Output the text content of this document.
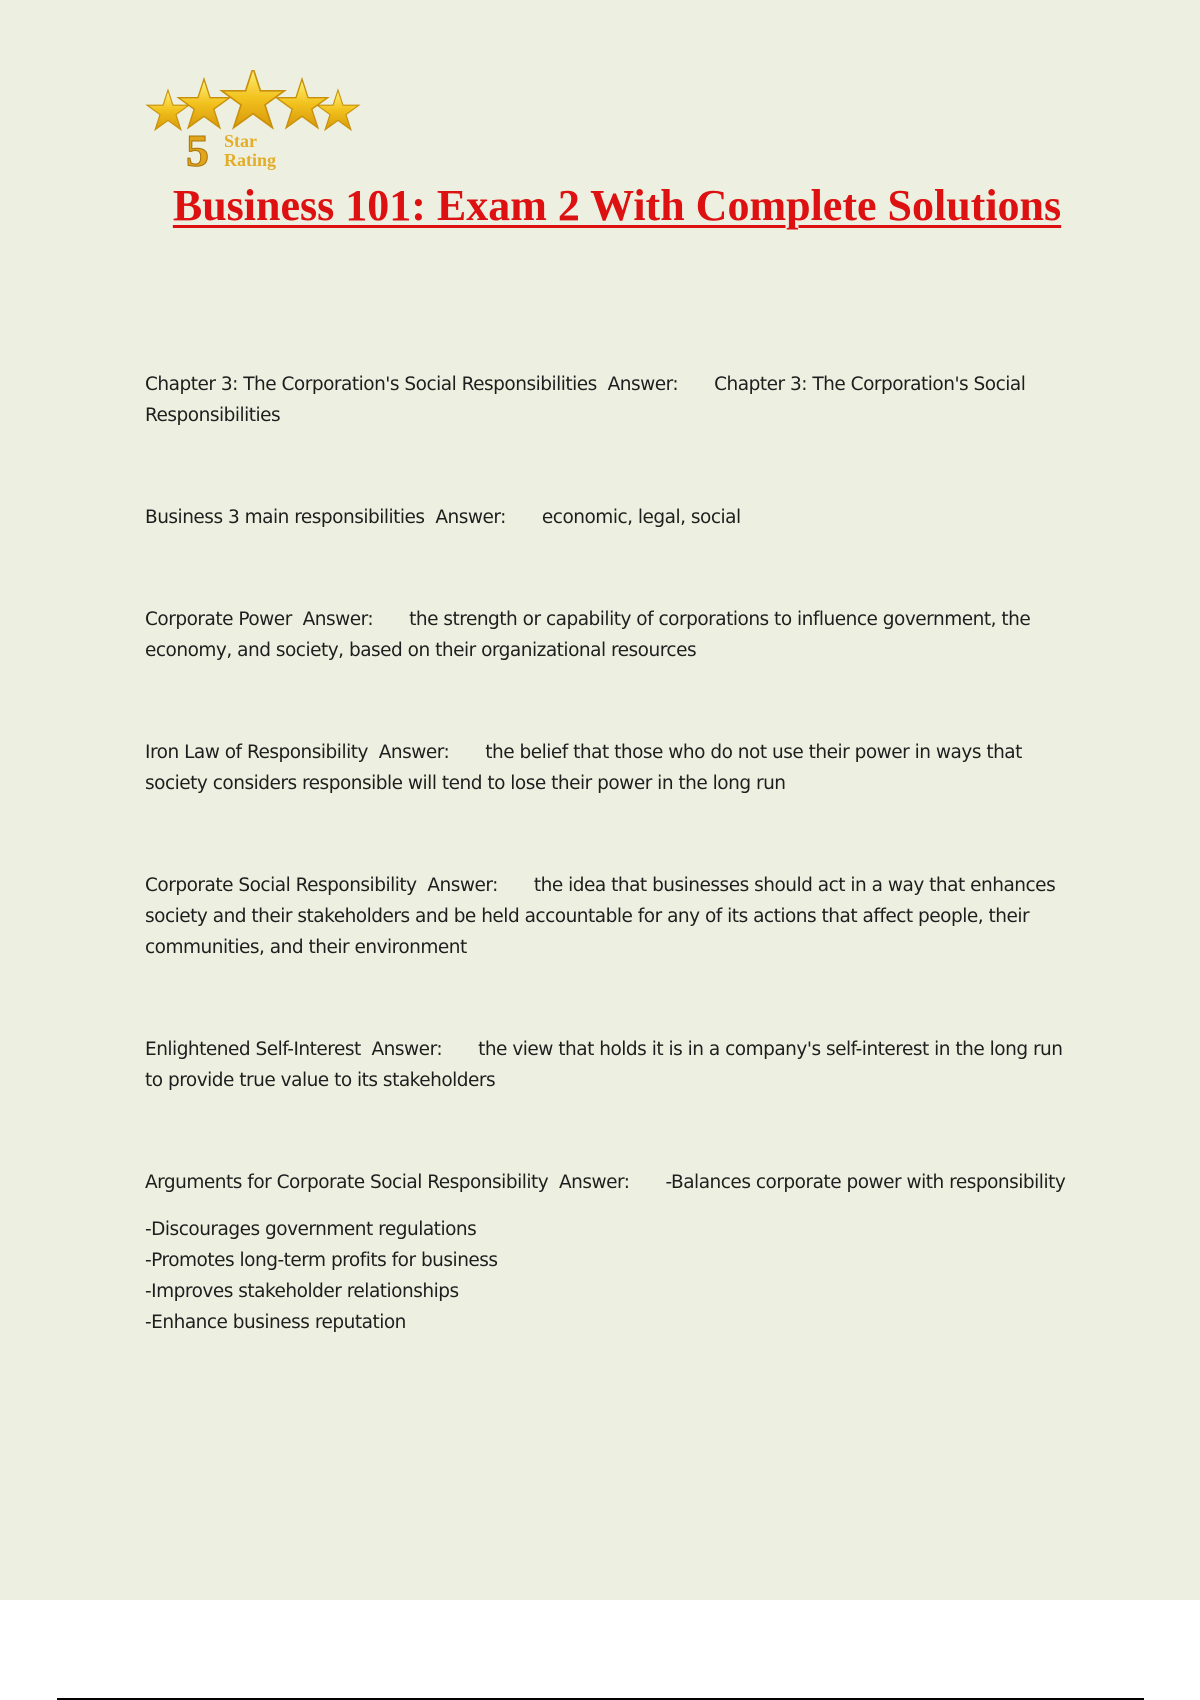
5 Star
Rating
Business 101: Exam 2 With Complete Solutions

Chapter 3: The Corporation's Social Responsibilities Answer: Chapter 3: The Corporation's Social Responsibilities

Business 3 main responsibilities Answer: economic, legal, social

Corporate Power Answer: the strength or capability of corporations to influence government, the economy, and society, based on their organizational resources

Iron Law of Responsibility Answer: the belief that those who do not use their power in ways that society considers responsible will tend to lose their power in the long run

Corporate Social Responsibility Answer: the idea that businesses should act in a way that enhances society and their stakeholders and be held accountable for any of its actions that affect people, their communities, and their environment

Enlightened Self-Interest Answer: the view that holds it is in a company's self-interest in the long run to provide true value to its stakeholders

Arguments for Corporate Social Responsibility Answer: -Balances corporate power with responsibility

-Discourages government regulations

-Promotes long-term profits for business

-Improves stakeholder relationships

-Enhance business reputation
